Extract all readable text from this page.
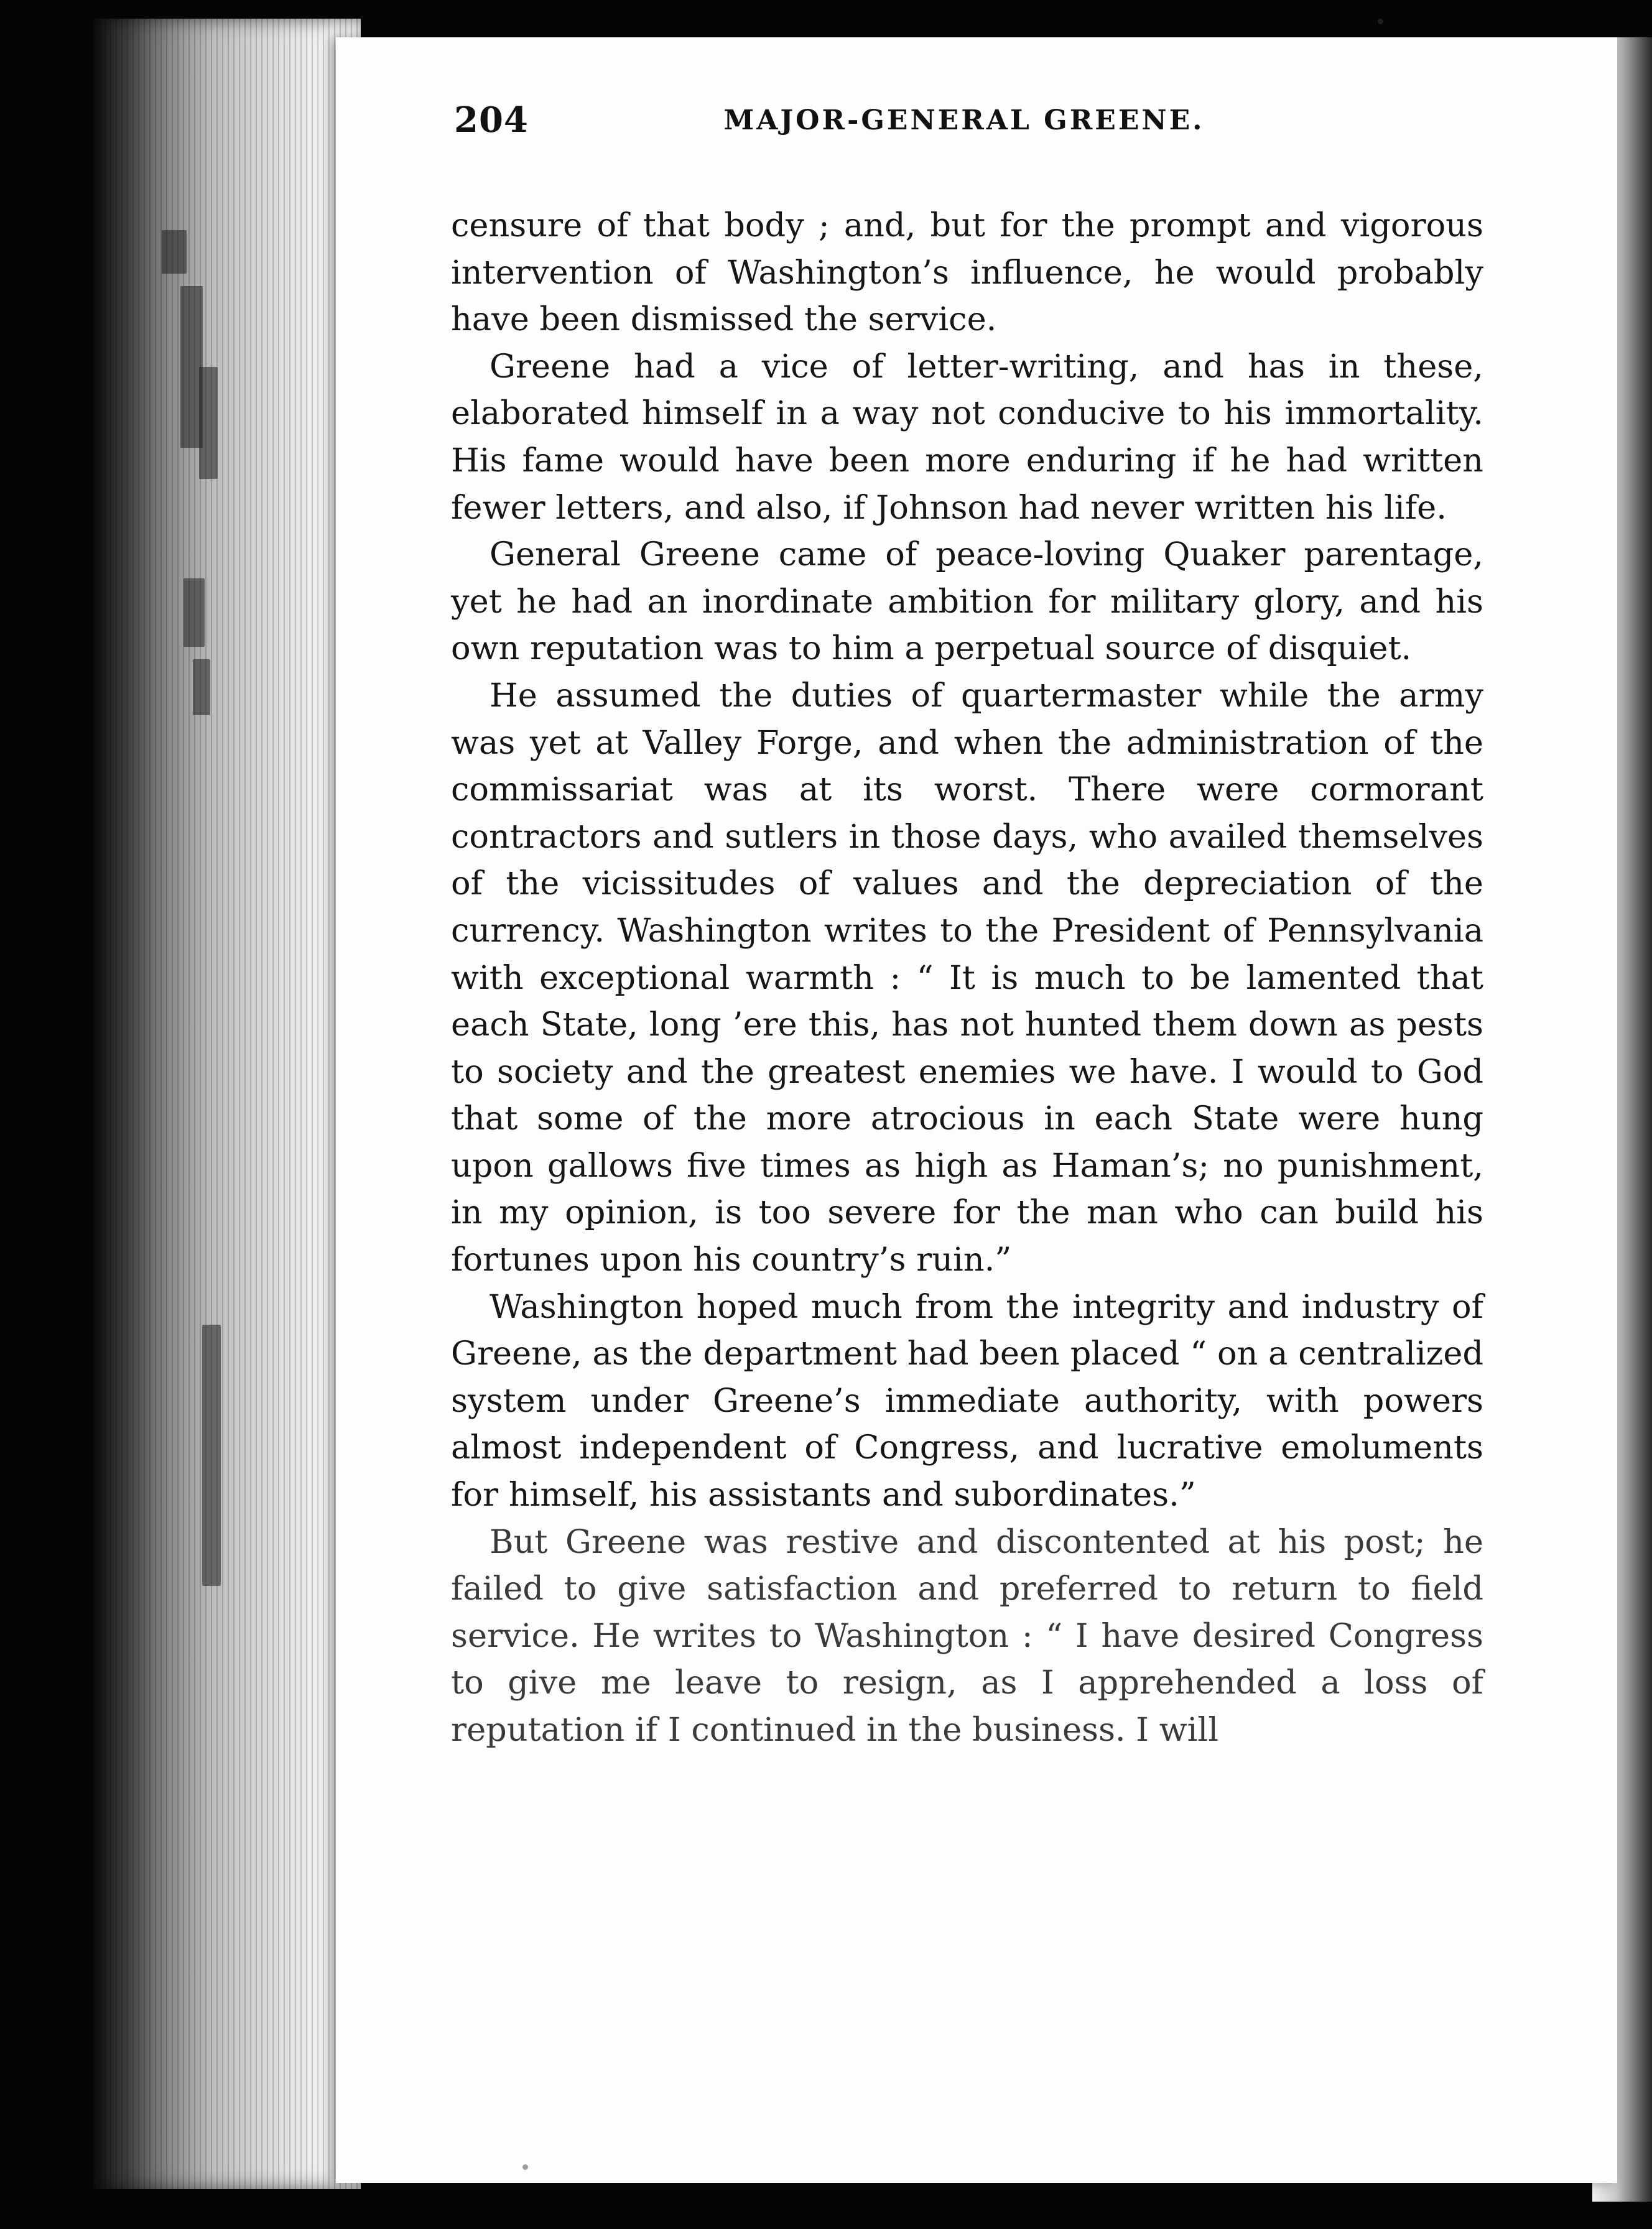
204	MAJOR-GENERAL GREENE.

censure of that body ; and, but for the prompt and vigorous intervention of Washington’s influence, he would probably have been dismissed the service.

Greene had a vice of letter-writing, and has in these, elaborated himself in a way not conducive to his immortality. His fame would have been more enduring if he had written fewer letters, and also, if Johnson had never written his life.

General Greene came of peace-loving Quaker parentage, yet he had an inordinate ambition for military glory, and his own reputation was to him a perpetual source of disquiet.

He assumed the duties of quartermaster while the army was yet at Valley Forge, and when the administration of the commissariat was at its worst. There were cormorant contractors and sutlers in those days, who availed themselves of the vicissitudes of values and the depreciation of the currency. Washington writes to the President of Pennsylvania with exceptional warmth : “ It is much to be lamented that each State, long ’ere this, has not hunted them down as pests to society and the greatest enemies we have. I would to God that some of the more atrocious in each State were hung upon gallows five times as high as Haman’s; no punishment, in my opinion, is too severe for the man who can build his fortunes upon his country’s ruin.”

Washington hoped much from the integrity and industry of Greene, as the department had been placed “ on a centralized system under Greene’s immediate authority, with powers almost independent of Congress, and lucrative emoluments for himself, his assistants and subordinates.”

But Greene was restive and discontented at his post; he failed to give satisfaction and preferred to return to field service. He writes to Washington : “ I have desired Congress to give me leave to resign, as I apprehended a loss of reputation if I continued in the business. I will
